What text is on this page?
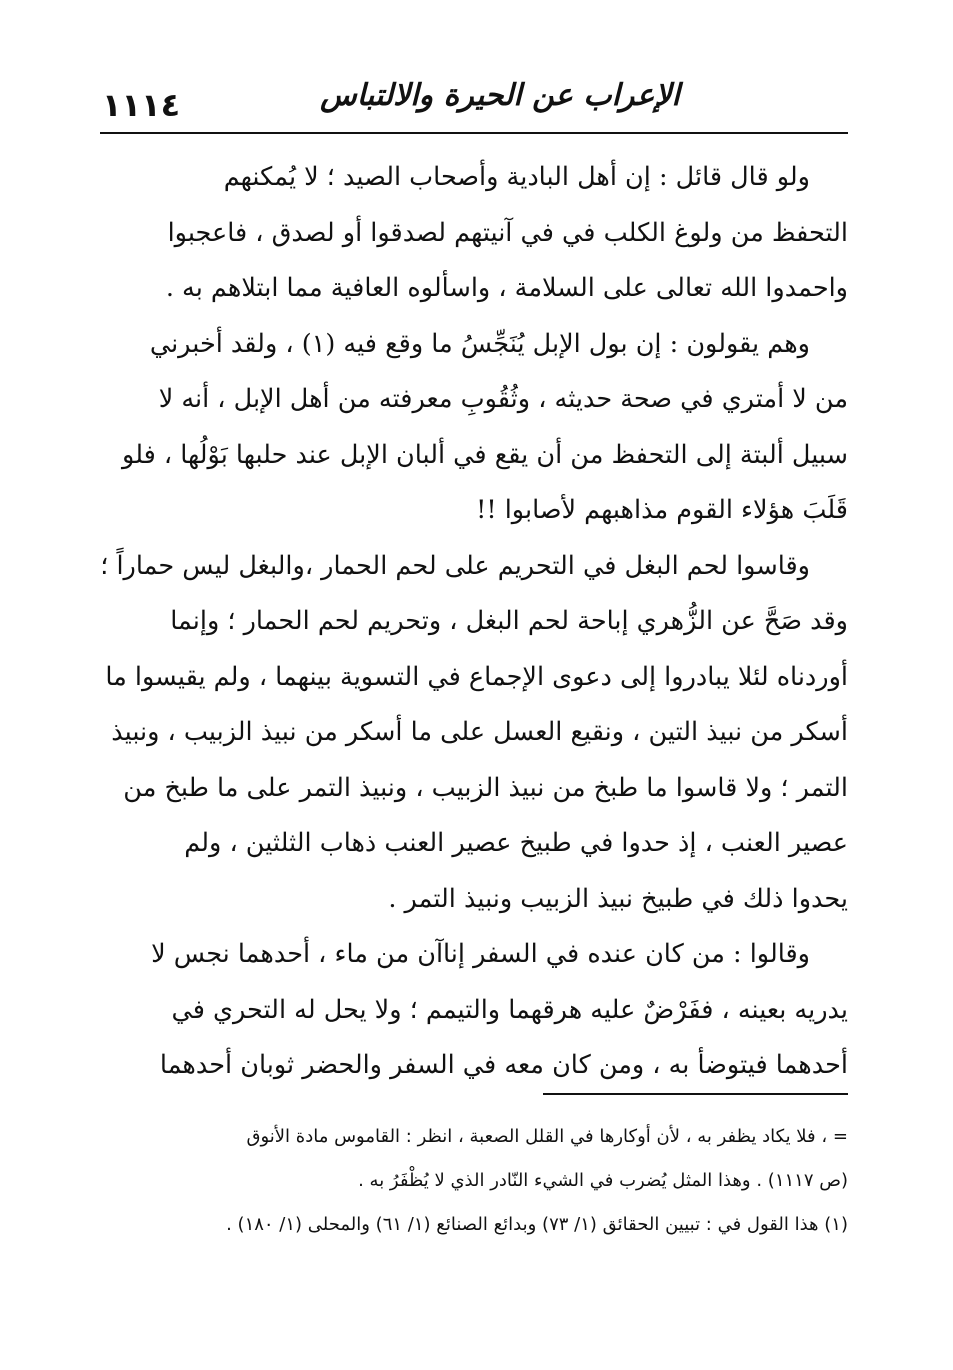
١١١٤	الإعراب عن الحيرة والالتباس
ولو قال قائل : إن أهل البادية وأصحاب الصيد ؛ لا يُمكنهم
التحفظ من ولوغ الكلب في في آنيتهم لصدقوا أو لصدق ، فاعجبوا
واحمدوا الله تعالى على السلامة ، واسألوه العافية مما ابتلاهم به .
وهم يقولون : إن بول الإبل يُنَجِّسُ ما وقع فيه (١) ، ولقد أخبرني
من لا أمتري في صحة حديثه ، وثُقُوبِ معرفته من أهل الإبل ، أنه لا
سبيل ألبتة إلى التحفظ من أن يقع في ألبان الإبل عند حلبها بَوْلُها ، فلو
قَلَبَ هؤلاء القوم مذاهبهم لأصابوا !!
وقاسوا لحم البغل في التحريم على لحم الحمار ،والبغل ليس حماراً ؛
وقد صَحَّ عن الزُّهري إباحة لحم البغل ، وتحريم لحم الحمار ؛ وإنما
أوردناه لئلا يبادروا إلى دعوى الإجماع في التسوية بينهما ، ولم يقيسوا ما
أسكر من نبيذ التين ، ونقيع العسل على ما أسكر من نبيذ الزبيب ، ونبيذ
التمر ؛ ولا قاسوا ما طبخ من نبيذ الزبيب ، ونبيذ التمر على ما طبخ من
عصير العنب ، إذ حدوا في طبيخ عصير العنب ذهاب الثلثين ، ولم
يحدوا ذلك في طبيخ نبيذ الزبيب ونبيذ التمر .
وقالوا : من كان عنده في السفر إناآن من ماء ، أحدهما نجس لا
يدريه بعينه ، ففَرْضٌ عليه هرقهما والتيمم ؛ ولا يحل له التحري في
أحدهما فيتوضأ به ، ومن كان معه في السفر والحضر ثوبان أحدهما
= ، فلا يكاد يظفر به ، لأن أوكارها في القلل الصعبة ، انظر : القاموس مادة الأنوق
(ص ١١١٧) . وهذا المثل يُضرب في الشيء النّادر الذي لا يُظْفَرُ به .
(١) هذا القول في : تبيين الحقائق (١/ ٧٣) وبدائع الصنائع (١/ ٦١) والمحلى (١/ ١٨٠) .
